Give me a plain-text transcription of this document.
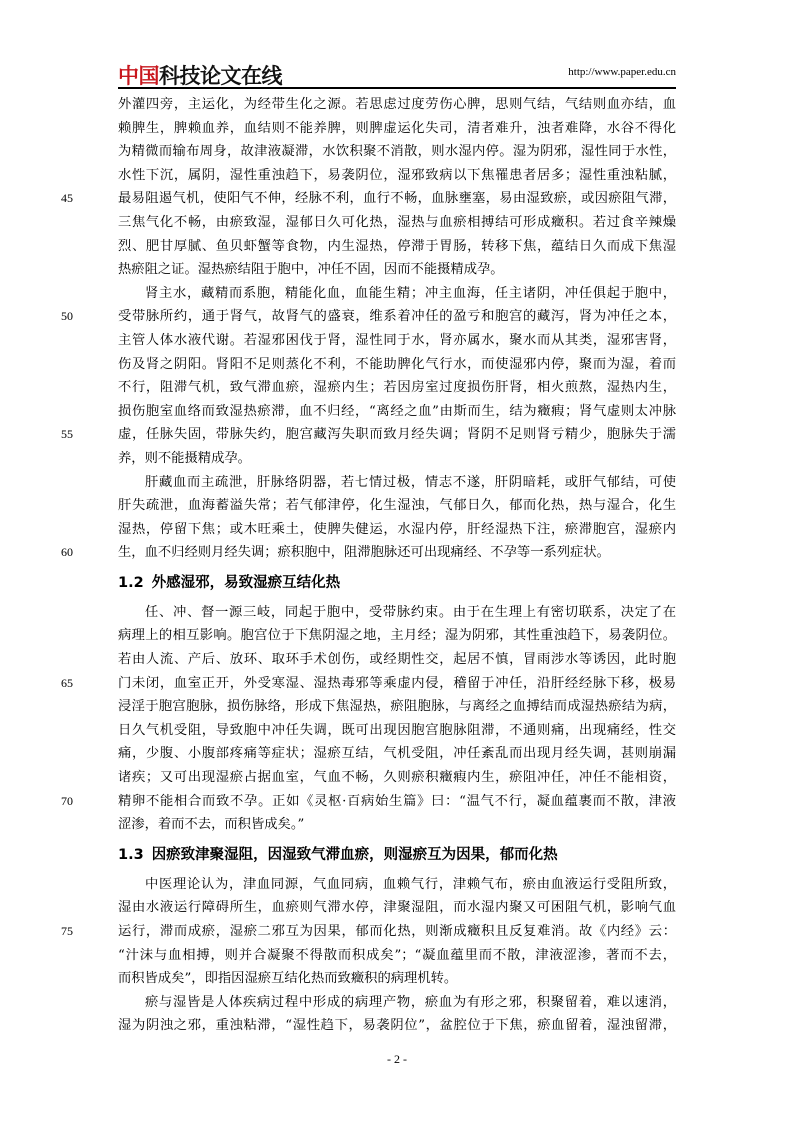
中国科技论文在线	http://www.paper.edu.cn
外灌四旁，主运化，为经带生化之源。若思虑过度劳伤心脾，思则气结，气结则血亦结，血
赖脾生，脾赖血养，血结则不能养脾，则脾虚运化失司，清者难升，浊者难降，水谷不得化
为精微而输布周身，故津液凝滞，水饮积聚不消散，则水湿内停。湿为阴邪，湿性同于水性，
水性下沉，属阴，湿性重浊趋下，易袭阴位，湿邪致病以下焦罹患者居多；湿性重浊粘腻，
最易阻遏气机，使阳气不伸，经脉不利，血行不畅，血脉壅塞，易由湿致瘀，或因瘀阻气滞，
45
三焦气化不畅，由瘀致湿，湿郁日久可化热，湿热与血瘀相搏结可形成癥积。若过食辛辣燥
烈、肥甘厚腻、鱼贝虾蟹等食物，内生湿热，停滞于胃肠，转移下焦，蕴结日久而成下焦湿
热瘀阻之证。湿热瘀结阻于胞中，冲任不固，因而不能摄精成孕。
肾主水，藏精而系胞，精能化血，血能生精；冲主血海，任主诸阴，冲任俱起于胞中，
受带脉所约，通于肾气，故肾气的盛衰，维系着冲任的盈亏和胞宫的藏泻，肾为冲任之本，
50
主管人体水液代谢。若湿邪困伐于肾，湿性同于水，肾亦属水，聚水而从其类，湿邪害肾，
伤及肾之阴阳。肾阳不足则蒸化不利，不能助脾化气行水，而使湿邪内停，聚而为湿，着而
不行，阻滞气机，致气滞血瘀，湿瘀内生；若因房室过度损伤肝肾，相火煎熬，湿热内生，
损伤胞室血络而致湿热瘀滞，血不归经，“离经之血”由斯而生，结为癥瘕；肾气虚则太冲脉
虚，任脉失固，带脉失约，胞宫藏泻失职而致月经失调；肾阴不足则肾亏精少，胞脉失于濡
55
养，则不能摄精成孕。
肝藏血而主疏泄，肝脉络阴器，若七情过极，情志不遂，肝阴暗耗，或肝气郁结，可使
肝失疏泄，血海蓄溢失常；若气郁津停，化生湿浊，气郁日久，郁而化热，热与湿合，化生
湿热，停留下焦；或木旺乘土，使脾失健运，水湿内停，肝经湿热下注，瘀滞胞宫，湿瘀内
生，血不归经则月经失调；瘀积胞中，阻滞胞脉还可出现痛经、不孕等一系列症状。
60
1.2 外感湿邪，易致湿瘀互结化热
任、冲、督一源三岐，同起于胞中，受带脉约束。由于在生理上有密切联系，决定了在
病理上的相互影响。胞宫位于下焦阴湿之地，主月经；湿为阴邪，其性重浊趋下，易袭阴位。
若由人流、产后、放环、取环手术创伤，或经期性交，起居不慎，冒雨涉水等诱因，此时胞
门未闭，血室正开，外受寒湿、湿热毒邪等乘虚内侵，稽留于冲任，沿肝经经脉下移，极易
65
浸淫于胞宫胞脉，损伤脉络，形成下焦湿热，瘀阻胞脉，与离经之血搏结而成湿热瘀结为病，
日久气机受阻，导致胞中冲任失调，既可出现因胞宫胞脉阻滞，不通则痛，出现痛经，性交
痛，少腹、小腹部疼痛等症状；湿瘀互结，气机受阻，冲任紊乱而出现月经失调，甚则崩漏
诸疾；又可出现湿瘀占据血室，气血不畅，久则瘀积癥瘕内生，瘀阻冲任，冲任不能相资，
精卵不能相合而致不孕。正如《灵枢·百病始生篇》曰：“温气不行，凝血蕴裹而不散，津液
70
涩渗，着而不去，而积皆成矣。”
1.3 因瘀致津聚湿阻，因湿致气滞血瘀，则湿瘀互为因果，郁而化热
中医理论认为，津血同源，气血同病，血赖气行，津赖气布，瘀由血液运行受阻所致，
湿由水液运行障碍所生，血瘀则气滞水停，津聚湿阻，而水湿内聚又可困阻气机，影响气血
运行，滞而成瘀，湿瘀二邪互为因果，郁而化热，则渐成癥积且反复难消。故《内经》云：
75
“汁沫与血相搏，则并合凝聚不得散而积成矣”；“凝血蕴里而不散，津液涩渗，著而不去，
而积皆成矣”，即指因湿瘀互结化热而致癥积的病理机转。
瘀与湿皆是人体疾病过程中形成的病理产物，瘀血为有形之邪，积聚留着，难以速消，
湿为阴浊之邪，重浊粘滞，“湿性趋下，易袭阴位”，盆腔位于下焦，瘀血留着，湿浊留滞，
- 2 -
